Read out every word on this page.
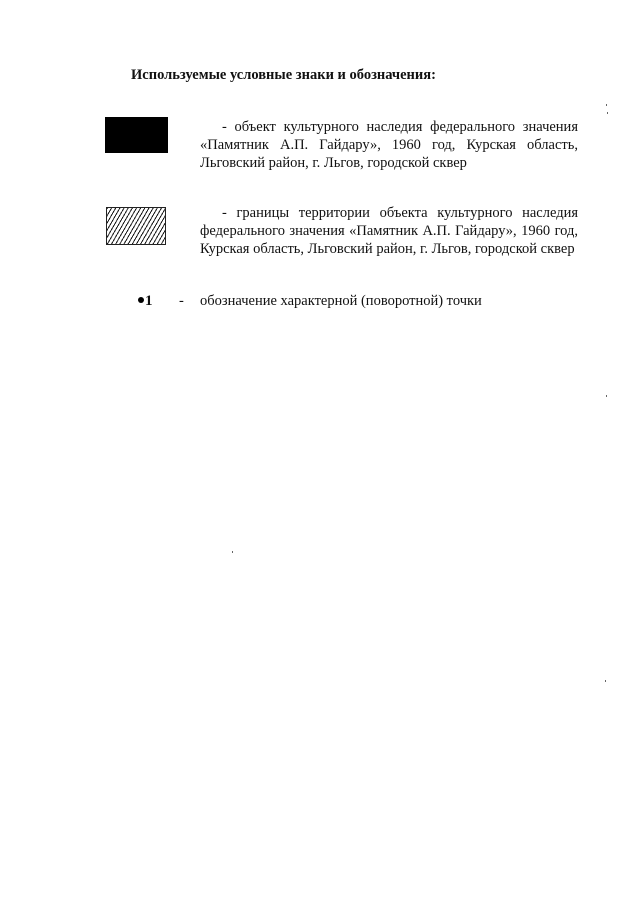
Используемые условные знаки и обозначения:
- объект культурного наследия федерального значения «Памятник А.П. Гайдару», 1960 год, Курская область, Льговский район, г. Льгов, городской сквер
- границы территории объекта культурного наследия федерального значения «Памятник А.П. Гайдару», 1960 год, Курская область, Льговский район, г. Льгов, городской сквер
1	- обозначение характерной (поворотной) точки
